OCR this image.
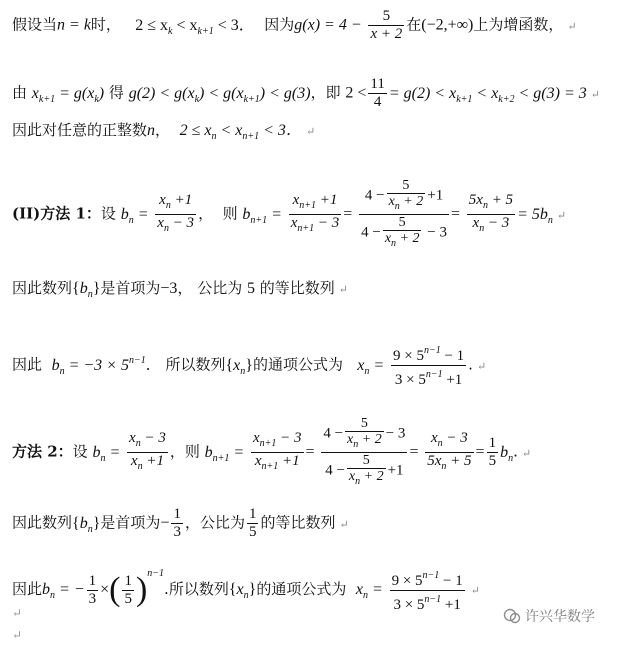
假设当n = k时， $2 \le x_k < x_{k+1} < 3$． 因为$g(x) = 4 - \frac{5}{x + 2}$ 在(−2,+∞)上为增函数， ↵
由 $x_{k+1} = g(x_k)$ 得 $g(2) < g(x_k) < g(x_{k+1}) < g(3)$，即 $2 < \frac{11}{4} = g(2) < x_{k+1} < x_{k+2} < g(3) = 3$ ↵
因此对任意的正整数n， $2 \le x_n < x_{n+1} < 3$． ↵
(II)方法 1：设 $b_n = \frac{x_n +1}{x_n - 3}$ ，  则 $b_{n+1} = \frac{x_{n+1} +1}{x_{n+1} - 3} = \frac{4 - \frac{5}{x_n + 2} +1}{4 - \frac{5}{x_n + 2} - 3} = \frac{5x_n + 5}{x_n - 3} = 5b_n$ ↵
因此数列$\{b_n\}$是首项为−3， 公比为 5 的等比数列 ↵
因此 $b_n = -3 \times 5^{n-1}$． 所以数列$\{x_n\}$的通项公式为 $x_n = \frac{9 \times 5^{n-1} - 1}{3 \times 5^{n-1} +1}$ . ↵
方法 2：设 $b_n = \frac{x_n - 3}{x_n +1}$ ，则 $b_{n+1} = \frac{x_{n+1} - 3}{x_{n+1} +1} = \frac{4 - \frac{5}{x_n + 2} - 3}{4 - \frac{5}{x_n + 2} +1} = \frac{x_n - 3}{5x_n + 5} = \frac{1}{5} b_n$. ↵
因此数列$\{b_n\}$是首项为− $\frac{1}{3}$ ，公比为 $\frac{1}{5}$ 的等比数列 ↵
因此$b_n$ = − $\frac{1}{3}$ ×( $\frac{1}{5} )^{n-1}$.所以数列$\{x_n\}$的通项公式为 $x_n = \frac{9 \times 5^{n-1} - 1}{3 \times 5^{n-1} +1}$ ↵
↵
↵
许兴华数学
